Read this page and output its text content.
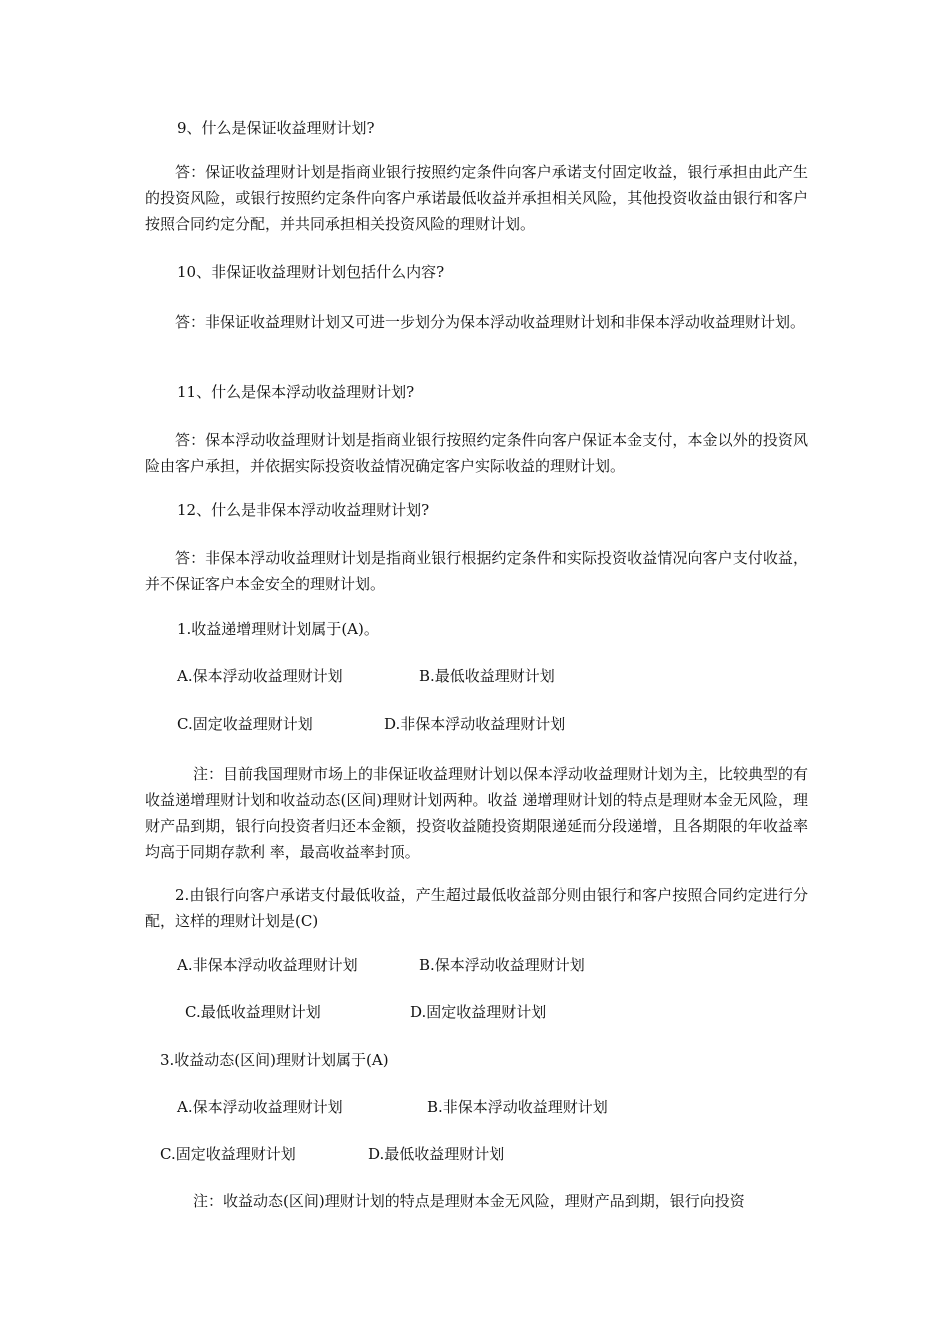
9、什么是保证收益理财计划?
答：保证收益理财计划是指商业银行按照约定条件向客户承诺支付固定收益，银行承担由此产生的投资风险，或银行按照约定条件向客户承诺最低收益并承担相关风险，其他投资收益由银行和客户按照合同约定分配，并共同承担相关投资风险的理财计划。
10、非保证收益理财计划包括什么内容?
答：非保证收益理财计划又可进一步划分为保本浮动收益理财计划和非保本浮动收益理财计划。
11、什么是保本浮动收益理财计划?
答：保本浮动收益理财计划是指商业银行按照约定条件向客户保证本金支付，本金以外的投资风险由客户承担，并依据实际投资收益情况确定客户实际收益的理财计划。
12、什么是非保本浮动收益理财计划?
答：非保本浮动收益理财计划是指商业银行根据约定条件和实际投资收益情况向客户支付收益，并不保证客户本金安全的理财计划。
1.收益递增理财计划属于(A)。
A.保本浮动收益理财计划	B.最低收益理财计划
C.固定收益理财计划	D.非保本浮动收益理财计划
注：目前我国理财市场上的非保证收益理财计划以保本浮动收益理财计划为主，比较典型的有收益递增理财计划和收益动态(区间)理财计划两种。收益 递增理财计划的特点是理财本金无风险，理财产品到期，银行向投资者归还本金额，投资收益随投资期限递延而分段递增，且各期限的年收益率均高于同期存款利 率，最高收益率封顶。
2.由银行向客户承诺支付最低收益，产生超过最低收益部分则由银行和客户按照合同约定进行分配，这样的理财计划是(C)
A.非保本浮动收益理财计划	B.保本浮动收益理财计划
C.最低收益理财计划	D.固定收益理财计划
3.收益动态(区间)理财计划属于(A)
A.保本浮动收益理财计划	B.非保本浮动收益理财计划
C.固定收益理财计划	D.最低收益理财计划
注：收益动态(区间)理财计划的特点是理财本金无风险，理财产品到期，银行向投资
